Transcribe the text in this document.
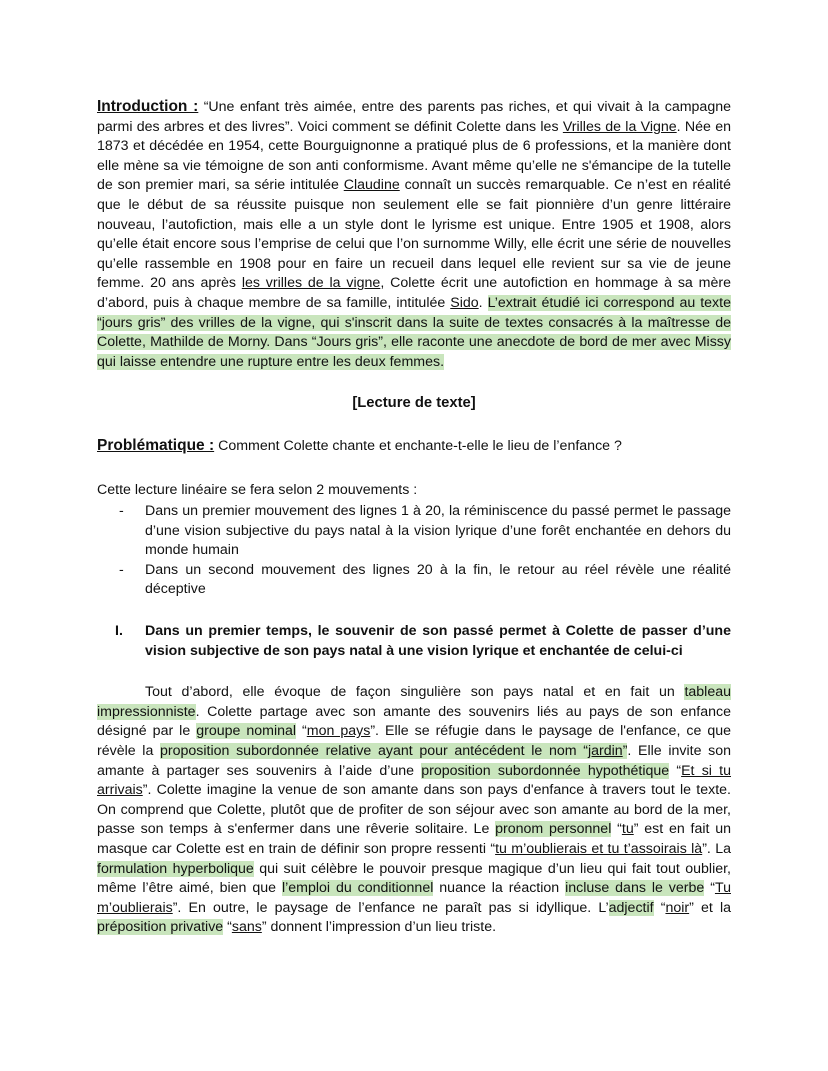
Introduction : “Une enfant très aimée, entre des parents pas riches, et qui vivait à la campagne parmi des arbres et des livres”. Voici comment se définit Colette dans les Vrilles de la Vigne. Née en 1873 et décédée en 1954, cette Bourguignonne a pratiqué plus de 6 professions, et la manière dont elle mène sa vie témoigne de son anti conformisme. Avant même qu’elle ne s'émancipe de la tutelle de son premier mari, sa série intitulée Claudine connaît un succès remarquable. Ce n’est en réalité que le début de sa réussite puisque non seulement elle se fait pionnière d’un genre littéraire nouveau, l’autofiction, mais elle a un style dont le lyrisme est unique. Entre 1905 et 1908, alors qu’elle était encore sous l’emprise de celui que l’on surnomme Willy, elle écrit une série de nouvelles qu’elle rassemble en 1908 pour en faire un recueil dans lequel elle revient sur sa vie de jeune femme. 20 ans après les vrilles de la vigne, Colette écrit une autofiction en hommage à sa mère d’abord, puis à chaque membre de sa famille, intitulée Sido. L’extrait étudié ici correspond au texte “jours gris” des vrilles de la vigne, qui s'inscrit dans la suite de textes consacrés à la maîtresse de Colette, Mathilde de Morny. Dans “Jours gris”, elle raconte une anecdote de bord de mer avec Missy qui laisse entendre une rupture entre les deux femmes.

[Lecture de texte]

Problématique : Comment Colette chante et enchante-t-elle le lieu de l’enfance ?

Cette lecture linéaire se fera selon 2 mouvements :

- Dans un premier mouvement des lignes 1 à 20, la réminiscence du passé permet le passage d’une vision subjective du pays natal à la vision lyrique d’une forêt enchantée en dehors du monde humain
- Dans un second mouvement des lignes 20 à la fin, le retour au réel révèle une réalité déceptive
I. Dans un premier temps, le souvenir de son passé permet à Colette de passer d’une vision subjective de son pays natal à une vision lyrique et enchantée de celui-ci

Tout d’abord, elle évoque de façon singulière son pays natal et en fait un tableau impressionniste. Colette partage avec son amante des souvenirs liés au pays de son enfance désigné par le groupe nominal “mon pays”. Elle se réfugie dans le paysage de l'enfance, ce que révèle la proposition subordonnée relative ayant pour antécédent le nom “jardin”. Elle invite son amante à partager ses souvenirs à l’aide d’une proposition subordonnée hypothétique “Et si tu arrivais”. Colette imagine la venue de son amante dans son pays d'enfance à travers tout le texte. On comprend que Colette, plutôt que de profiter de son séjour avec son amante au bord de la mer, passe son temps à s'enfermer dans une rêverie solitaire. Le pronom personnel “tu” est en fait un masque car Colette est en train de définir son propre ressenti “tu m’oublierais et tu t’assoirais là”. La formulation hyperbolique qui suit célèbre le pouvoir presque magique d’un lieu qui fait tout oublier, même l’être aimé, bien que l’emploi du conditionnel nuance la réaction incluse dans le verbe “Tu m’oublierais”. En outre, le paysage de l’enfance ne paraît pas si idyllique. L’adjectif “noir” et la préposition privative “sans” donnent l’impression d’un lieu triste.
